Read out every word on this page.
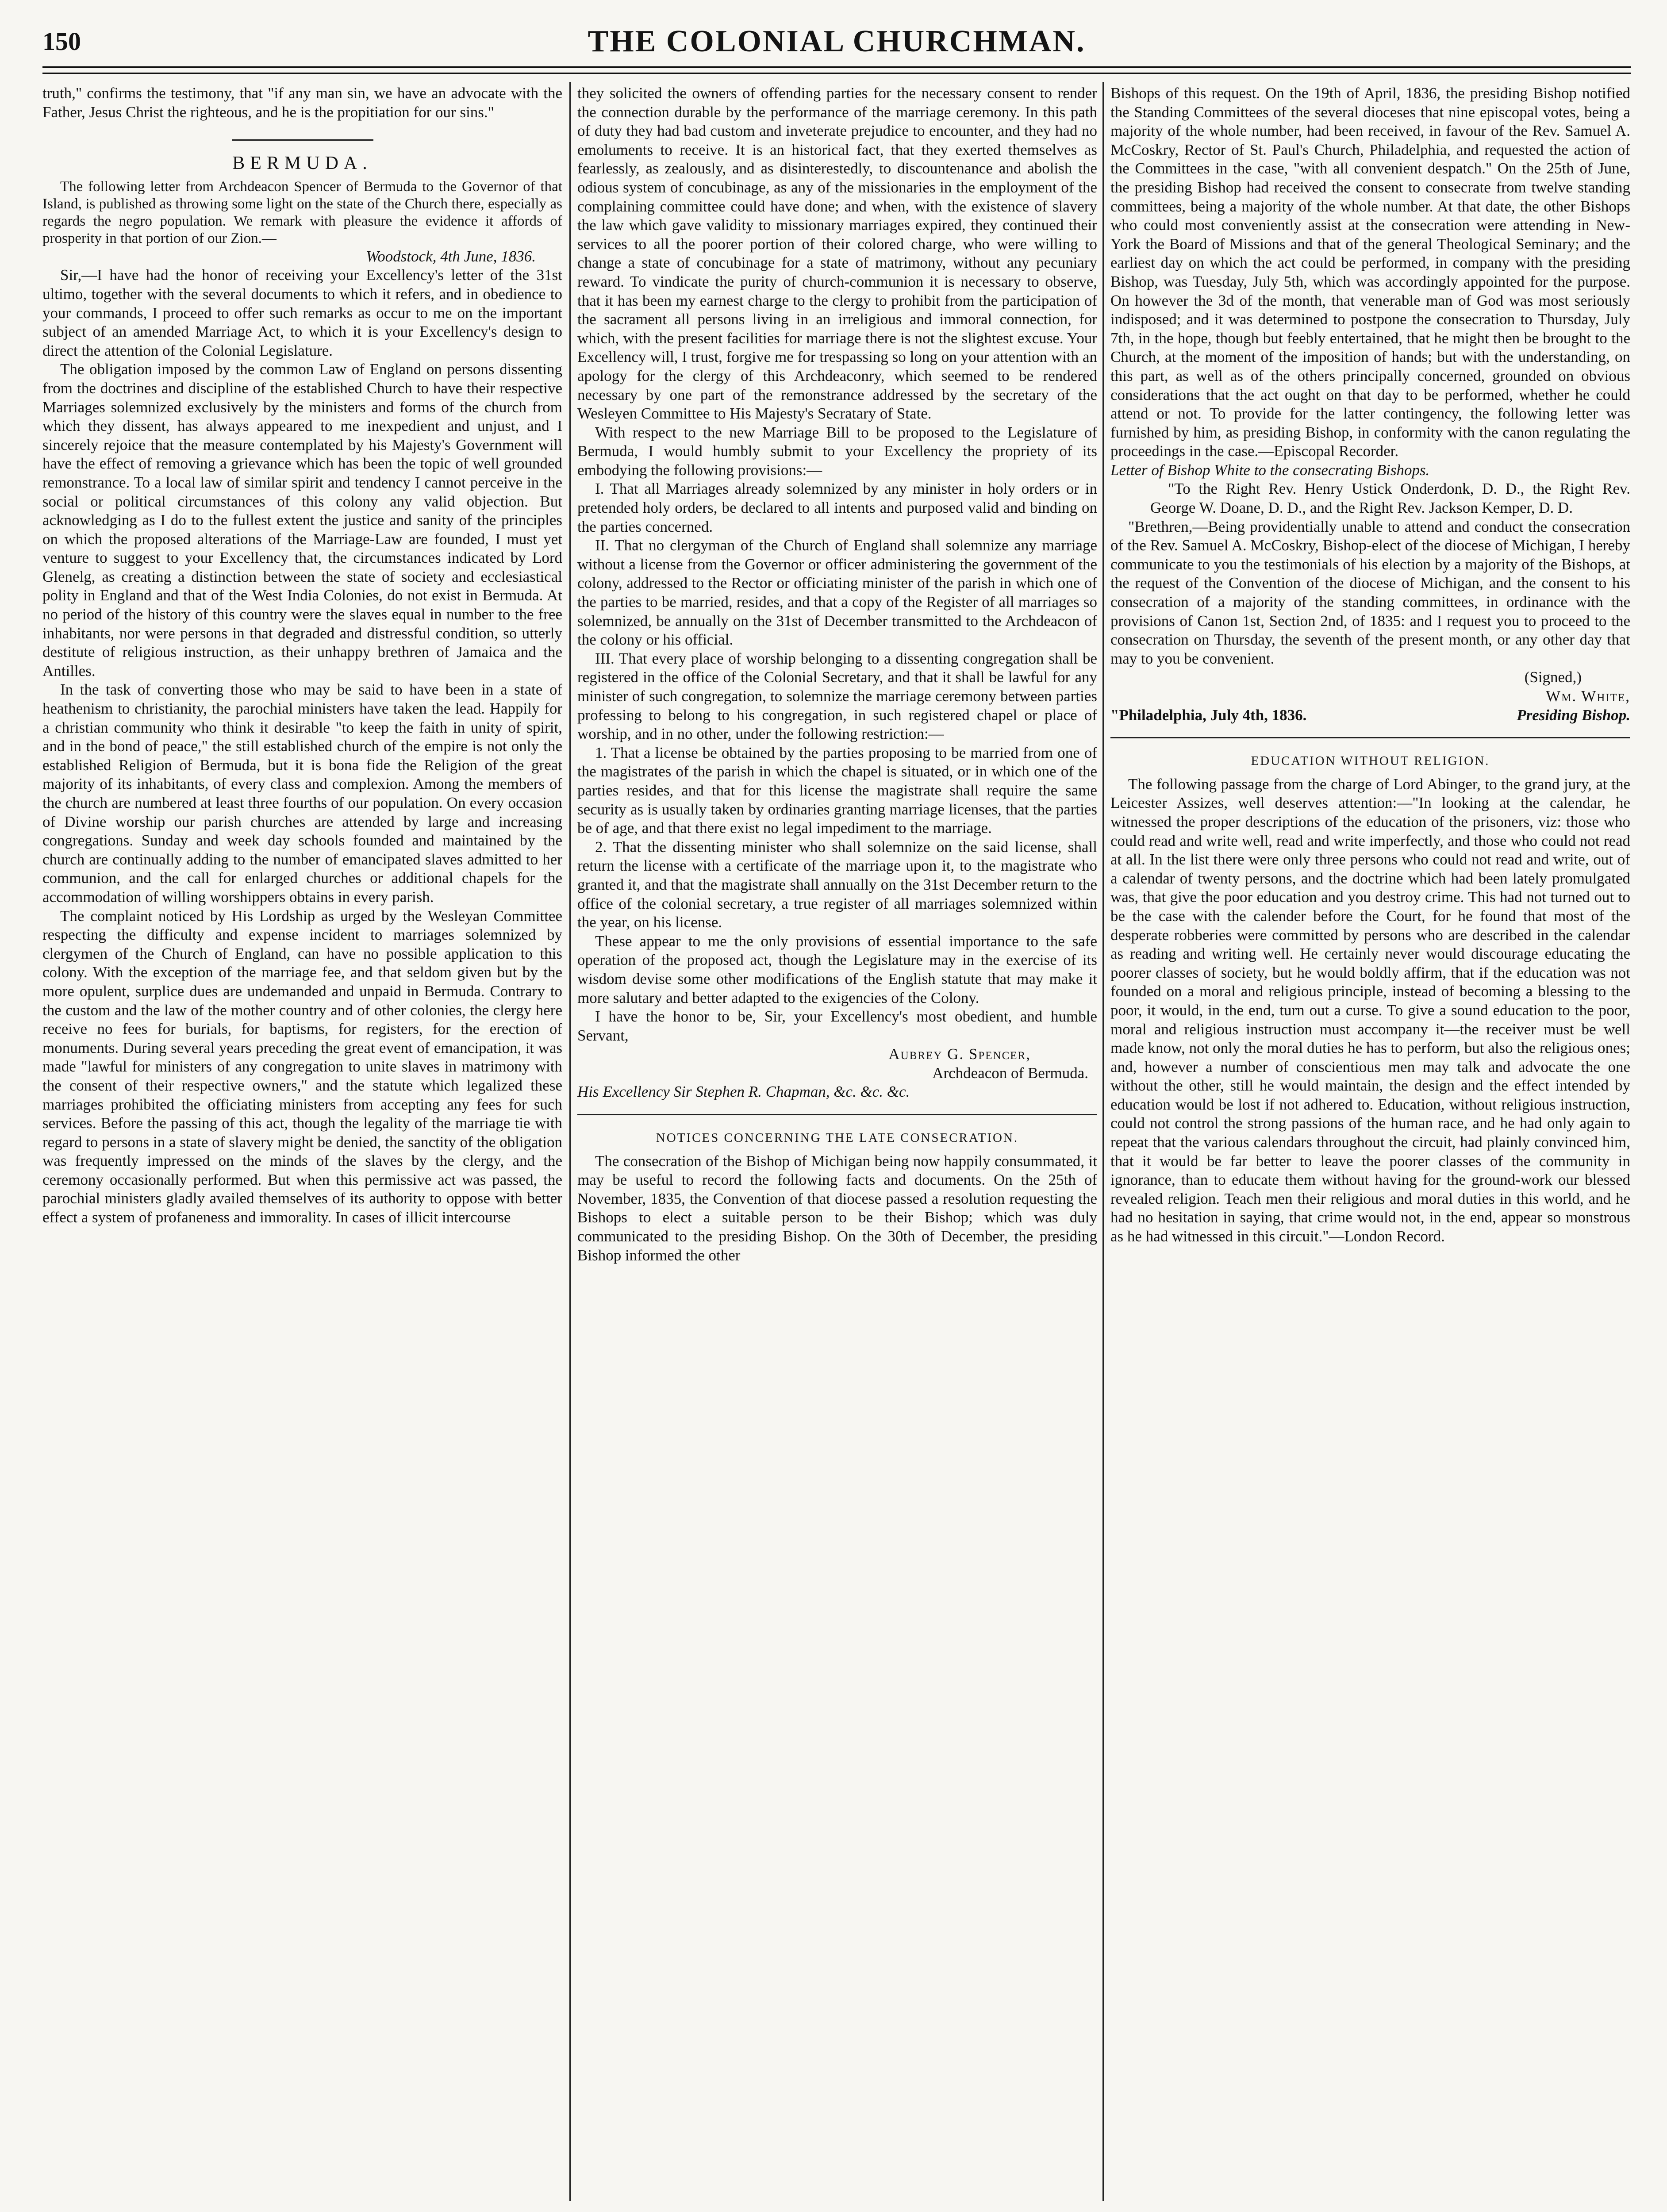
150	THE COLONIAL CHURCHMAN.

truth," confirms the testimony, that "if any man sin, we have an advocate with the Father, Jesus Christ the righteous, and he is the propitiation for our sins."

BERMUDA.

The following letter from Archdeacon Spencer of Bermuda to the Governor of that Island, is published as throwing some light on the state of the Church there, especially as regards the negro population. We remark with pleasure the evidence it affords of prosperity in that portion of our Zion.—

Woodstock, 4th June, 1836.

Sir,—I have had the honor of receiving your Excellency's letter of the 31st ultimo, together with the several documents to which it refers, and in obedience to your commands, I proceed to offer such remarks as occur to me on the important subject of an amended Marriage Act, to which it is your Excellency's design to direct the attention of the Colonial Legislature.

The obligation imposed by the common Law of England on persons dissenting from the doctrines and discipline of the established Church to have their respective Marriages solemnized exclusively by the ministers and forms of the church from which they dissent, has always appeared to me inexpedient and unjust, and I sincerely rejoice that the measure contemplated by his Majesty's Government will have the effect of removing a grievance which has been the topic of well grounded remonstrance. To a local law of similar spirit and tendency I cannot perceive in the social or political circumstances of this colony any valid objection. But acknowledging as I do to the fullest extent the justice and sanity of the principles on which the proposed alterations of the Marriage-Law are founded, I must yet venture to suggest to your Excellency that, the circumstances indicated by Lord Glenelg, as creating a distinction between the state of society and ecclesiastical polity in England and that of the West India Colonies, do not exist in Bermuda. At no period of the history of this country were the slaves equal in number to the free inhabitants, nor were persons in that degraded and distressful condition, so utterly destitute of religious instruction, as their unhappy brethren of Jamaica and the Antilles.

In the task of converting those who may be said to have been in a state of heathenism to christianity, the parochial ministers have taken the lead. Happily for a christian community who think it desirable "to keep the faith in unity of spirit, and in the bond of peace," the still established church of the empire is not only the established Religion of Bermuda, but it is bona fide the Religion of the great majority of its inhabitants, of every class and complexion. Among the members of the church are numbered at least three fourths of our population. On every occasion of Divine worship our parish churches are attended by large and increasing congregations. Sunday and week day schools founded and maintained by the church are continually adding to the number of emancipated slaves admitted to her communion, and the call for enlarged churches or additional chapels for the accommodation of willing worshippers obtains in every parish.

The complaint noticed by His Lordship as urged by the Wesleyan Committee respecting the difficulty and expense incident to marriages solemnized by clergymen of the Church of England, can have no possible application to this colony. With the exception of the marriage fee, and that seldom given but by the more opulent, surplice dues are undemanded and unpaid in Bermuda. Contrary to the custom and the law of the mother country and of other colonies, the clergy here receive no fees for burials, for baptisms, for registers, for the erection of monuments. During several years preceding the great event of emancipation, it was made "lawful for ministers of any congregation to unite slaves in matrimony with the consent of their respective owners," and the statute which legalized these marriages prohibited the officiating ministers from accepting any fees for such services. Before the passing of this act, though the legality of the marriage tie with regard to persons in a state of slavery might be denied, the sanctity of the obligation was frequently impressed on the minds of the slaves by the clergy, and the ceremony occasionally performed. But when this permissive act was passed, the parochial ministers gladly availed themselves of its authority to oppose with better effect a system of profaneness and immorality. In cases of illicit intercourse

they solicited the owners of offending parties for the necessary consent to render the connection durable by the performance of the marriage ceremony. In this path of duty they had bad custom and inveterate prejudice to encounter, and they had no emoluments to receive. It is an historical fact, that they exerted themselves as fearlessly, as zealously, and as disinterestedly, to discountenance and abolish the odious system of concubinage, as any of the missionaries in the employment of the complaining committee could have done; and when, with the existence of slavery the law which gave validity to missionary marriages expired, they continued their services to all the poorer portion of their colored charge, who were willing to change a state of concubinage for a state of matrimony, without any pecuniary reward. To vindicate the purity of church-communion it is necessary to observe, that it has been my earnest charge to the clergy to prohibit from the participation of the sacrament all persons living in an irreligious and immoral connection, for which, with the present facilities for marriage there is not the slightest excuse. Your Excellency will, I trust, forgive me for trespassing so long on your attention with an apology for the clergy of this Archdeaconry, which seemed to be rendered necessary by one part of the remonstrance addressed by the secretary of the Wesleyen Committee to His Majesty's Secratary of State.

With respect to the new Marriage Bill to be proposed to the Legislature of Bermuda, I would humbly submit to your Excellency the propriety of its embodying the following provisions:—

I. That all Marriages already solemnized by any minister in holy orders or in pretended holy orders, be declared to all intents and purposed valid and binding on the parties concerned.

II. That no clergyman of the Church of England shall solemnize any marriage without a license from the Governor or officer administering the government of the colony, addressed to the Rector or officiating minister of the parish in which one of the parties to be married, resides, and that a copy of the Register of all marriages so solemnized, be annually on the 31st of December transmitted to the Archdeacon of the colony or his official.

III. That every place of worship belonging to a dissenting congregation shall be registered in the office of the Colonial Secretary, and that it shall be lawful for any minister of such congregation, to solemnize the marriage ceremony between parties professing to belong to his congregation, in such registered chapel or place of worship, and in no other, under the following restriction:—

1. That a license be obtained by the parties proposing to be married from one of the magistrates of the parish in which the chapel is situated, or in which one of the parties resides, and that for this license the magistrate shall require the same security as is usually taken by ordinaries granting marriage licenses, that the parties be of age, and that there exist no legal impediment to the marriage.

2. That the dissenting minister who shall solemnize on the said license, shall return the license with a certificate of the marriage upon it, to the magistrate who granted it, and that the magistrate shall annually on the 31st December return to the office of the colonial secretary, a true register of all marriages solemnized within the year, on his license.

These appear to me the only provisions of essential importance to the safe operation of the proposed act, though the Legislature may in the exercise of its wisdom devise some other modifications of the English statute that may make it more salutary and better adapted to the exigencies of the Colony.

I have the honor to be, Sir, your Excellency's most obedient, and humble Servant,

Aubrey G. Spencer,
Archdeacon of Bermuda.
His Excellency Sir Stephen R. Chapman, &c. &c. &c.
NOTICES CONCERNING THE LATE CONSECRATION.

The consecration of the Bishop of Michigan being now happily consummated, it may be useful to record the following facts and documents. On the 25th of November, 1835, the Convention of that diocese passed a resolution requesting the Bishops to elect a suitable person to be their Bishop; which was duly communicated to the presiding Bishop. On the 30th of December, the presiding Bishop informed the other

Bishops of this request. On the 19th of April, 1836, the presiding Bishop notified the Standing Committees of the several dioceses that nine episcopal votes, being a majority of the whole number, had been received, in favour of the Rev. Samuel A. McCoskry, Rector of St. Paul's Church, Philadelphia, and requested the action of the Committees in the case, "with all convenient despatch." On the 25th of June, the presiding Bishop had received the consent to consecrate from twelve standing committees, being a majority of the whole number. At that date, the other Bishops who could most conveniently assist at the consecration were attending in New-York the Board of Missions and that of the general Theological Seminary; and the earliest day on which the act could be performed, in company with the presiding Bishop, was Tuesday, July 5th, which was accordingly appointed for the purpose. On however the 3d of the month, that venerable man of God was most seriously indisposed; and it was determined to postpone the consecration to Thursday, July 7th, in the hope, though but feebly entertained, that he might then be brought to the Church, at the moment of the imposition of hands; but with the understanding, on this part, as well as of the others principally concerned, grounded on obvious considerations that the act ought on that day to be performed, whether he could attend or not. To provide for the latter contingency, the following letter was furnished by him, as presiding Bishop, in conformity with the canon regulating the proceedings in the case.—Episcopal Recorder.

Letter of Bishop White to the consecrating Bishops.

"To the Right Rev. Henry Ustick Onderdonk, D. D., the Right Rev. George W. Doane, D. D., and the Right Rev. Jackson Kemper, D. D.

"Brethren,—Being providentially unable to attend and conduct the consecration of the Rev. Samuel A. McCoskry, Bishop-elect of the diocese of Michigan, I hereby communicate to you the testimonials of his election by a majority of the Bishops, at the request of the Convention of the diocese of Michigan, and the consent to his consecration of a majority of the standing committees, in ordinance with the provisions of Canon 1st, Section 2nd, of 1835: and I request you to proceed to the consecration on Thursday, the seventh of the present month, or any other day that may to you be convenient.

(Signed,)
Wm. White,
"Philadelphia, July 4th, 1836.	Presiding Bishop.
EDUCATION WITHOUT RELIGION.

The following passage from the charge of Lord Abinger, to the grand jury, at the Leicester Assizes, well deserves attention:—"In looking at the calendar, he witnessed the proper descriptions of the education of the prisoners, viz: those who could read and write well, read and write imperfectly, and those who could not read at all. In the list there were only three persons who could not read and write, out of a calendar of twenty persons, and the doctrine which had been lately promulgated was, that give the poor education and you destroy crime. This had not turned out to be the case with the calender before the Court, for he found that most of the desperate robberies were committed by persons who are described in the calendar as reading and writing well. He certainly never would discourage educating the poorer classes of society, but he would boldly affirm, that if the education was not founded on a moral and religious principle, instead of becoming a blessing to the poor, it would, in the end, turn out a curse. To give a sound education to the poor, moral and religious instruction must accompany it—the receiver must be well made know, not only the moral duties he has to perform, but also the religious ones; and, however a number of conscientious men may talk and advocate the one without the other, still he would maintain, the design and the effect intended by education would be lost if not adhered to. Education, without religious instruction, could not control the strong passions of the human race, and he had only again to repeat that the various calendars throughout the circuit, had plainly convinced him, that it would be far better to leave the poorer classes of the community in ignorance, than to educate them without having for the ground-work our blessed revealed religion. Teach men their religious and moral duties in this world, and he had no hesitation in saying, that crime would not, in the end, appear so monstrous as he had witnessed in this circuit."—London Record.
